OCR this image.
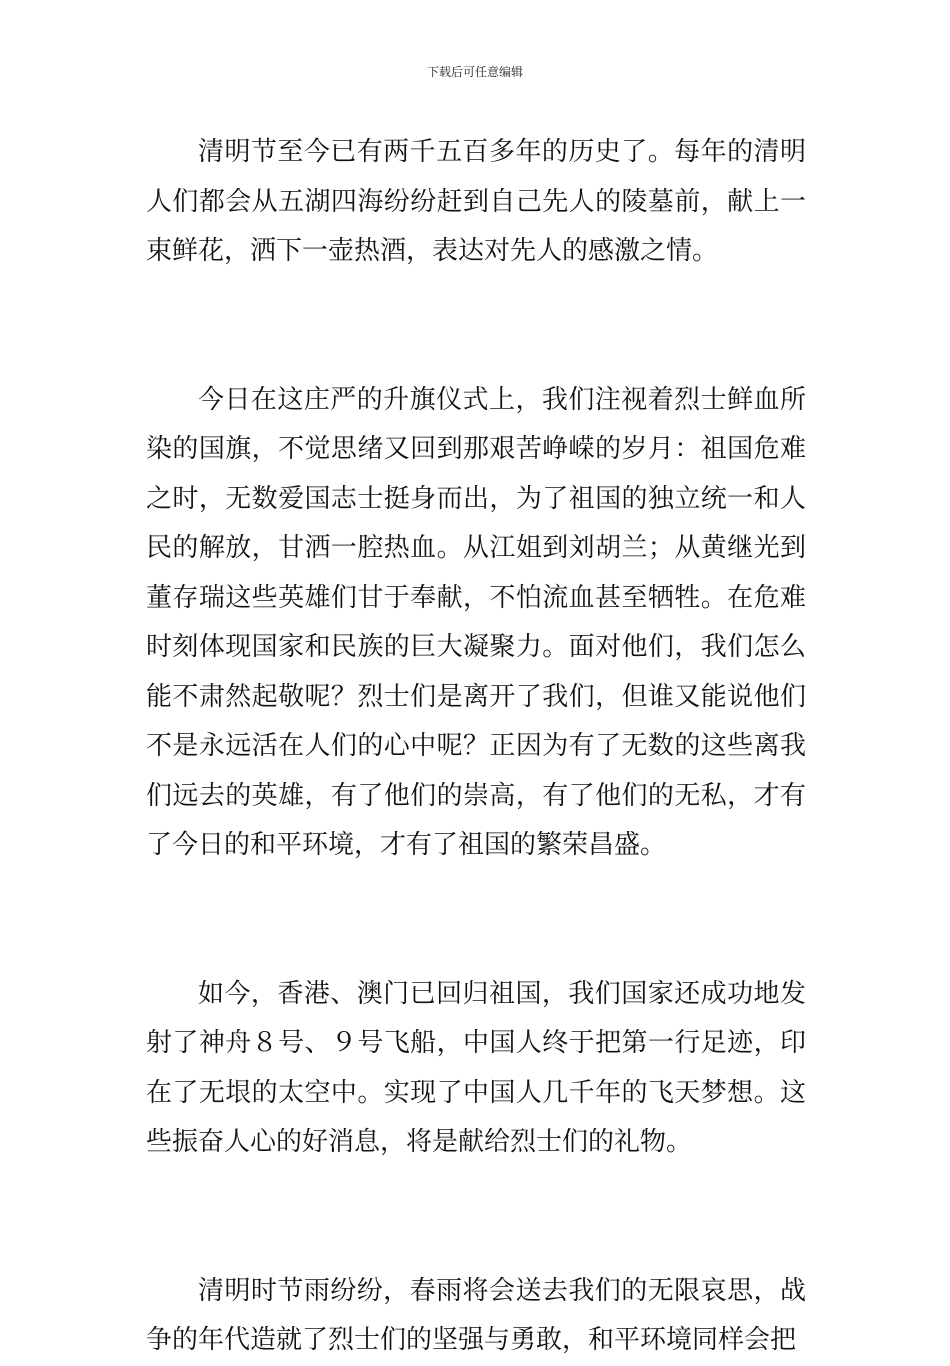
下载后可任意编辑

清明节至今已有两千五百多年的历史了。每年的清明人们都会从五湖四海纷纷赶到自己先人的陵墓前，献上一束鲜花，洒下一壶热酒，表达对先人的感激之情。

今日在这庄严的升旗仪式上，我们注视着烈士鲜血所染的国旗，不觉思绪又回到那艰苦峥嵘的岁月：祖国危难之时，无数爱国志士挺身而出，为了祖国的独立统一和人民的解放，甘洒一腔热血。从江姐到刘胡兰；从黄继光到董存瑞这些英雄们甘于奉献，不怕流血甚至牺牲。在危难时刻体现国家和民族的巨大凝聚力。面对他们，我们怎么能不肃然起敬呢？烈士们是离开了我们，但谁又能说他们不是永远活在人们的心中呢？正因为有了无数的这些离我们远去的英雄，有了他们的崇高，有了他们的无私，才有了今日的和平环境，才有了祖国的繁荣昌盛。

如今，香港、澳门已回归祖国，我们国家还成功地发射了神舟８号、９号飞船，中国人终于把第一行足迹，印在了无垠的太空中。实现了中国人几千年的飞天梦想。这些振奋人心的好消息，将是献给烈士们的礼物。

清明时节雨纷纷，春雨将会送去我们的无限哀思，战争的年代造就了烈士们的坚强与勇敢，和平环境同样会把
